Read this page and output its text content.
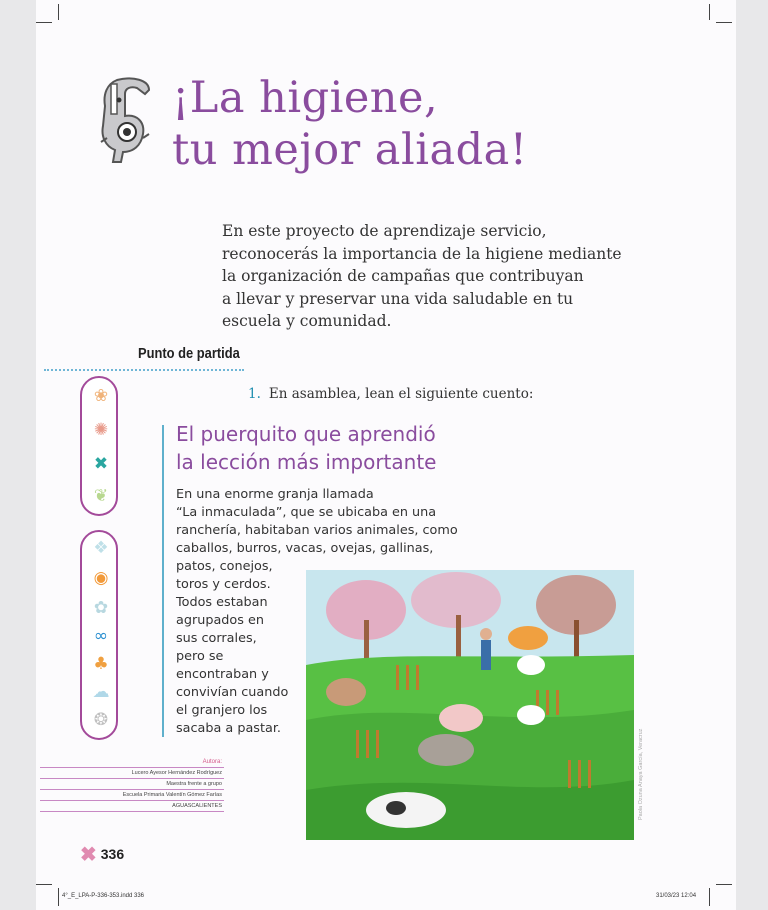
¡La higiene,
tu mejor aliada!
En este proyecto de aprendizaje servicio,
reconocerás la importancia de la higiene mediante
la organización de campañas que contribuyan
a llevar y preservar una vida saludable en tu
escuela y comunidad.
Punto de partida
1. En asamblea, lean el siguiente cuento:
❀
✺
✖
❦
❖
◉
✿
∞
♣
☁
❂
El puerquito que aprendió
la lección más importante
En una enorme granja llamada
“La inmaculada”, que se ubicaba en una
ranchería, habitaban varios animales, como
caballos, burros, vacas, ovejas, gallinas,
patos, conejos,
toros y cerdos.
Todos estaban
agrupados en
sus corrales,
pero se
encontraban y
convivían cuando
el granjero los
sacaba a pastar.
Paola Ozuna Anaya García, Veracruz
Autora:
Lucero Ayesor Hernández Rodríguez
Maestra frente a grupo
Escuela Primaria Valentín Gómez Farías
AGUASCALIENTES
✖ 336
4°_E_LPA-P-336-353.indd 336	31/03/23 12:04
